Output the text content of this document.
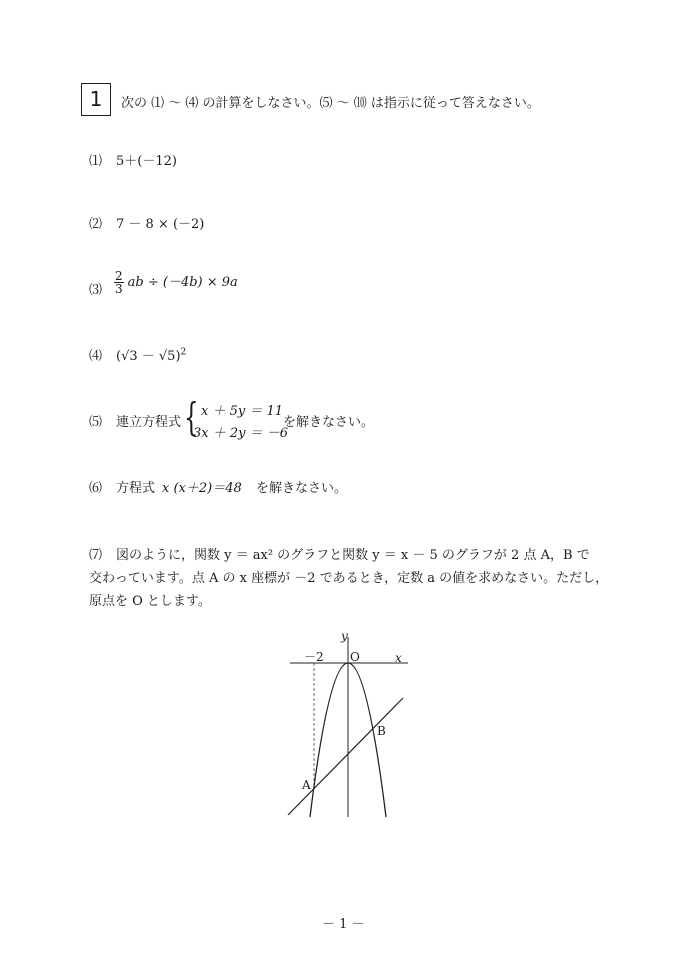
1	次の ⑴ ～ ⑷ の計算をしなさい。⑸ ～ ⑽ は指示に従って答えなさい。
⑴ 5＋(－12)
⑵ 7 － 8 × (－2)
⑶ $\frac{2}{3}$ ab ÷ (－4b) × 9a
⑷ $(√3 - √5)^2$
⑸ 連立方程式 { x ＋ 5y ＝ 11
3x ＋ 2y ＝ －6
を解きなさい。
⑹ 方程式 x (x＋2)＝48 を解きなさい。
⑺ 図のように，関数 y ＝ ax² のグラフと関数 y ＝ x － 5 のグラフが 2 点 A，B で
交わっています。点 A の x 座標が －2 であるとき，定数 a の値を求めなさい。ただし，
原点を O とします。
y
x
O
－2
A
B
－ 1 －
